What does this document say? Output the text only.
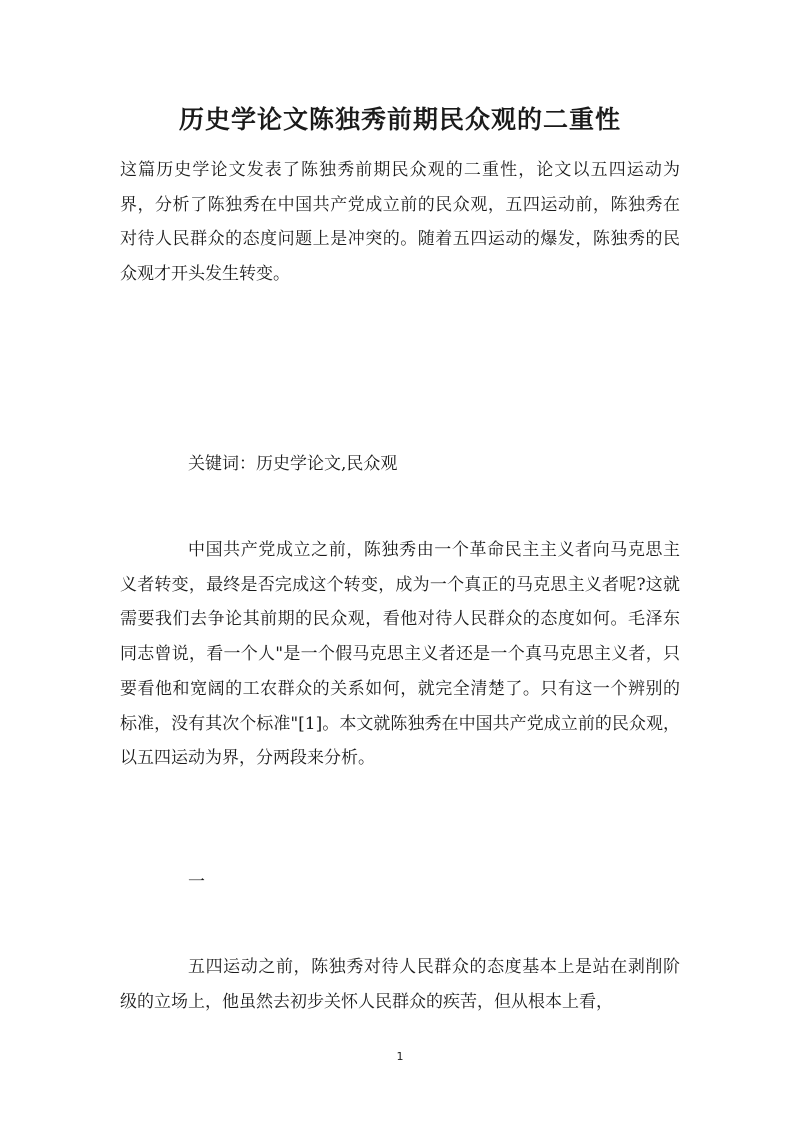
历史学论文陈独秀前期民众观的二重性

这篇历史学论文发表了陈独秀前期民众观的二重性，论文以五四运动为界，分析了陈独秀在中国共产党成立前的民众观，五四运动前，陈独秀在对待人民群众的态度问题上是冲突的。随着五四运动的爆发，陈独秀的民众观才开头发生转变。

关键词：历史学论文,民众观

中国共产党成立之前，陈独秀由一个革命民主主义者向马克思主义者转变，最终是否完成这个转变，成为一个真正的马克思主义者呢?这就需要我们去争论其前期的民众观，看他对待人民群众的态度如何。毛泽东同志曾说，看一个人"是一个假马克思主义者还是一个真马克思主义者，只要看他和宽阔的工农群众的关系如何，就完全清楚了。只有这一个辨别的标准，没有其次个标准"[1]。本文就陈独秀在中国共产党成立前的民众观，以五四运动为界，分两段来分析。

一

五四运动之前，陈独秀对待人民群众的态度基本上是站在剥削阶级的立场上，他虽然去初步关怀人民群众的疾苦，但从根本上看，

1
